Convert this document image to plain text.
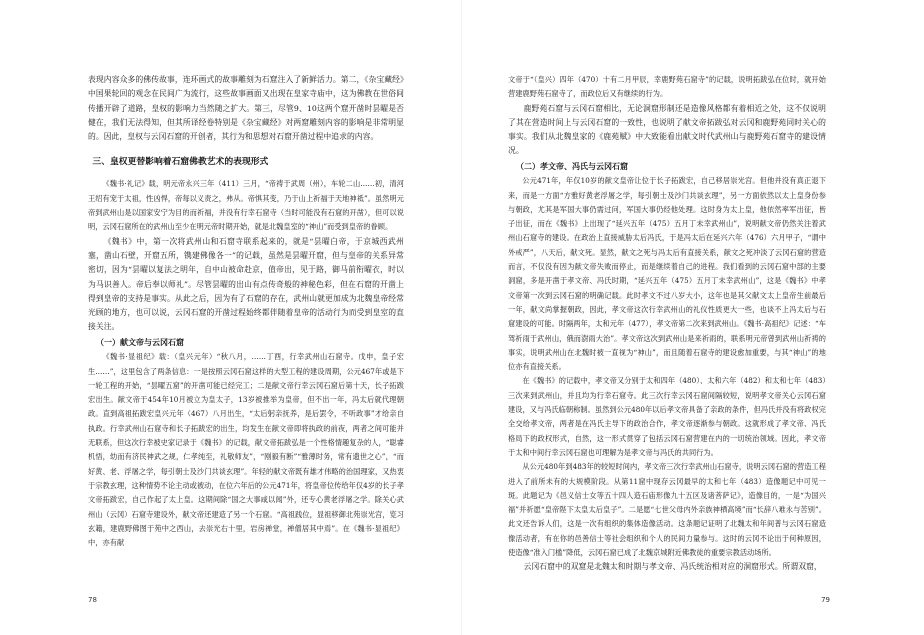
表现内容众多的佛传故事，连环画式的故事雕刻为石窟注入了新鲜活力。第二，《杂宝藏经》中国果轮回的观念在民间广为流行，这些故事画面又出现在皇家寺庙中，这为佛教在世俗间传播开辟了道路，皇权的影响力当然随之扩大。第三，尽管9、10这两个窟开凿时昙曜是否健在，我们无法得知，但其所译经卷特别是《杂宝藏经》对两窟雕刻内容的影响是非常明显的。因此，皇权与云冈石窟的开创者，其行为和思想对石窟开凿过程中追求的内容。

三、皇权更替影响着石窟佛教艺术的表现形式

《魏书·礼记》载，明元帝永兴三年（411）三月，“帝祷于武周（州），车轮二山……初，清河王绍有宠于太祖，性凶悍，帝每以义责之，弗从。帝惧其变，乃于山上祈福于天地神祗”。虽然明元帝到武州山是以国家安宁为目的而祈福，并没有行幸石窟寺（当时可能没有石窟的开凿），但可以说明，云冈石窟所在的武州山至少在明元帝时期开始，就是北魏皇室的“神山”而受到皇帝的眷顾。

《魏书》中，第一次将武州山和石窟寺联系起来的，就是“昙曜白帝，于京城西武州塞，凿山石壁，开窟五所，镌建佛像各一”的记载，虽然是昙曜开窟，但与皇帝的关系异常密切，因为“昙曜以复法之明年，自中山被命赴京，值帝出，见于路，御马前衔曜衣，时以为马识善人。帝后奉以师礼”。尽管昙曜的出山有点传奇般的神秘色彩，但在石窟的开凿上得到皇帝的支持是事实。从此之后，因为有了石窟的存在，武州山就更加成为北魏皇帝经常光顾的地方，也可以说，云冈石窟的开凿过程始终都伴随着皇帝的活动行为而受到皇室的直接关注。

（一）献文帝与云冈石窟

《魏书·显祖纪》载：（皇兴元年）“秋八月，……丁酉，行幸武州山石窟寺。戊申，皇子宏生……”，这里包含了两条信息：一是按照云冈石窟这样的大型工程的建设周期，公元467年或是下一轮工程的开始，“昙曜五窟”的开凿可能已经完工；二是献文帝行幸云冈石窟后第十天，长子拓跋宏出生。献文帝于454年10月被立为皇太子，13岁被推举为皇帝，但不出一年，冯太后就代理朝政。直到高祖拓跋宏皇兴元年（467）八月出生，“太后躬亲抚养，是后罢令，不听政事”才给亲自执政。行幸武州山石窟寺和长子拓跋宏的出生，均发生在献文帝即将执政的前夜，两者之间可能并无联系，但这次行幸被史家记录于《魏书》的记载，献文帝拓跋弘是一个性格情趣复杂的人，“聪睿机悟，幼而有济民神武之规，仁孝纯至，礼敬师友”，“刚毅有断”“雅薄时务，常有遗世之心”，“而好黄、老、浮屠之学，每引朝士及沙门共谈玄理”。年轻的献文帝既有雄才伟略的治国理家，又热衷于宗教玄理，这种情势不论主动或被动，在位六年后的公元471年，将皇帝位传给年仅4岁的长子孝文帝拓跋宏，自己作起了太上皇。这期间除“国之大事咸以闻”外，还专心黄老浮屠之学。除关心武州山（云冈）石窟寺建设外，献文帝还建造了另一个石窟。“高祖践位，显祖移御北苑崇光宫，览习玄籍，建鹿野佛图于苑中之西山，去崇光右十里，岩房禅堂，禅僧居其中焉”。在《魏书·显祖纪》中，亦有献

78

文帝于“（皇兴）四年（470）十有二月甲辰，幸鹿野苑石窟寺”的记载，说明拓跋弘在位时，就开始营建鹿野苑石窟寺了，而政位后又有继续的行为。

鹿野苑石窟与云冈石窟相比，无论洞窟形制还是造像风格都有着相近之处，这不仅说明了其在营造时间上与云冈石窟的一致性，也说明了献文帝拓跋弘对云冈和鹿野苑同时关心的事实。我们从北魏皇家的《鹿苑赋》中大致能看出献文时代武州山与鹿野苑石窟寺的建设情况。

（二）孝文帝、冯氏与云冈石窟

公元471年，年仅10岁的献文皇帝让位于长子拓跋宏，自己移居崇光宫。但他并没有真正退下来，而是一方面“方雅好黄老浮屠之学，每引朝士及沙门共谈玄理”，另一方面依然以太上皇身份参与朝政，尤其是军国大事仍需过问，军国大事仍经他处理。这时身为太上皇，他依然率军出征，皆子出征，而在《魏书》上出现了“延兴五年（475）五月丁未幸武州山”，说明献文帝仍然关注着武州山石窟寺的建设。在政治上直接威胁太后冯氏，于是冯太后在延兴六年（476）六月甲子，“谓中外戒严”，八天后，献文死。显然，献文之死与冯太后有直接关系，献文之死冲淡了云冈石窟的营造而言，不仅没有因为献文帝失败而停止，而是继续着自己的进程。我们看到的云冈石窟中部的主要洞窟，多是开凿于孝文帝、冯氏时期，“延兴五年（475）五月丁未幸武州山”，这是《魏书》中孝文帝第一次到云冈石窟的明确记载。此时孝文不过八岁大小，这年也是其父献文太上皇帝生前最后一年，献文尚掌握朝政，因此，孝文帝这次行幸武州山的礼仪性质更大一些，也谈不上冯太后与石窟建设的可能。时隔两年，太和元年（477），孝文帝第二次来到武州山。《魏书·高祖纪》记述：“车驾祈雨于武州山，俄而澍雨大治”。孝文帝这次到武州山是来祈雨的，联系明元帝曾到武州山祈祷的事实，说明武州山在北魏时被一直视为“神山”，而且随着石窟寺的建设愈加重要，与其“神山”的地位亦有直接关系。

在《魏书》的记载中，孝文帝又分别于太和四年（480）、太和六年（482）和太和七年（483）三次来到武州山，并且均为行幸石窟寺。此三次行幸云冈石窟间隔较短，说明孝文帝关心云冈石窟建设，又与冯氏临朝称制。虽然到公元480年以后孝文帝具备了亲政的条件，但冯氏并没有将政权完全交给孝文帝，两者是在冯氏主导下的政治合作，孝文帝逐渐参与朝政。这就形成了孝文帝、冯氏格局下的政权形式，自然，这一形式贯穿了包括云冈石窟营建在内的一切统治领域。因此，孝文帝于太和中间行幸云冈石窟也可理解为是孝文帝与冯氏的共同行为。

从公元480年到483年的较短时间内，孝文帝三次行幸武州山石窟寺，说明云冈石窟的营造工程进入了前所未有的大规模阶段。从第11窟中现存云冈最早的太和七年（483）造像题记中可见一斑。此题记为《邑义信士女等五十四人造石庙形像九十五区及诸菩萨记》，造像目的，一是“为国兴福”并祈愿“皇帝陛下太皇太后皇子”。二是愿“七世父母内外亲族神栖高境”而“长辞八难永与苦别”。此文还告诉人们，这是一次有组织的集体造像活动。这条题记证明了北魏太和年间普与云冈石窟造像活动者，有在你的邑善信士等社会组织和个人的民间力量参与。这时的云冈不论出于何种原因，使造像“准入门槛”降低，云冈石窟已成了北魏京城附近佛教徒的重要宗教活动场所。

云冈石窟中的双窟是北魏太和时期与孝文帝、冯氏统治相对应的洞窟形式。所谓双窟，

79
